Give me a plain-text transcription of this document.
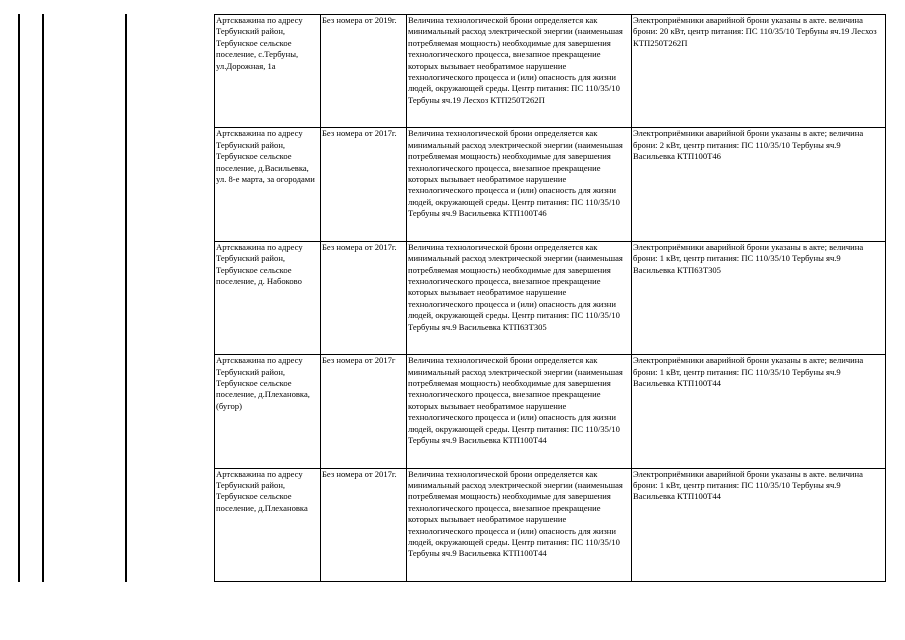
Артскважина по адресу Тербунский район, Тербунское сельское поселение, с.Тербуны, ул.Дорожная, 1а	Без номера от 2019г.	Величина технологической брони определяется как минимальный расход электрической энергии (наименьшая потребляемая мощность) необходимые для завершения технологического процесса, внезапное прекращение которых вызывает необратимое нарушение технологического процесса и (или) опасность для жизни людей, окружающей среды. Центр питания: ПС 110/35/10 Тербуны яч.19 Лесхоз КТП250Т262П	Электроприёмники аварийной брони указаны в акте. величина брони: 20 кВт, центр питания: ПС 110/35/10 Тербуны яч.19 Лесхоз КТП250Т262П
Артскважина по адресу Тербунский район, Тербунское сельское поселение, д.Васильевка, ул. 8-е марта, за огородами	Без номера от 2017г.	Величина технологической брони определяется как минимальный расход электрической энергии (наименьшая потребляемая мощность) необходимые для завершения технологического процесса, внезапное прекращение которых вызывает необратимое нарушение технологического процесса и (или) опасность для жизни людей, окружающей среды. Центр питания: ПС 110/35/10 Тербуны яч.9 Васильевка КТП100Т46	Электроприёмники аварийной брони указаны в акте; величина брони: 2 кВт, центр питания: ПС 110/35/10 Тербуны яч.9 Васильевка КТП100Т46
Артскважина по адресу Тербунский район, Тербунское сельское поселение, д. Набоково	Без номера от 2017г.	Величина технологической брони определяется как минимальный расход электрической энергии (наименьшая потребляемая мощность) необходимые для завершения технологического процесса, внезапное прекращение которых вызывает необратимое нарушение технологического процесса и (или) опасность для жизни людей, окружающей среды. Центр питания: ПС 110/35/10 Тербуны яч.9 Васильевка КТП63Т305	Электроприёмники аварийной брони указаны в акте; величина брони: 1 кВт, центр питания: ПС 110/35/10 Тербуны яч.9 Васильевка КТП63Т305
Артскважина по адресу Тербунский район, Тербунское сельское поселение, д.Плехановка, (бугор)	Без номера от 2017г	Величина технологической брони определяется как минимальный расход электрической энергии (наименьшая потребляемая мощность) необходимые для завершения технологического процесса, внезапное прекращение которых вызывает необратимое нарушение технологического процесса и (или) опасность для жизни людей, окружающей среды. Центр питания: ПС 110/35/10 Тербуны яч.9 Васильевка КТП100Т44	Электроприёмники аварийной брони указаны в акте; величина брони: 1 кВт, центр питания: ПС 110/35/10 Тербуны яч.9 Васильевка КТП100Т44
Артскважина по адресу Тербунский район, Тербунское сельское поселение, д.Плехановка	Без номера от 2017г.	Величина технологической брони определяется как минимальный расход электрической энергии (наименьшая потребляемая мощность) необходимые для завершения технологического процесса, внезапное прекращение которых вызывает необратимое нарушение технологического процесса и (или) опасность для жизни людей, окружающей среды. Центр питания: ПС 110/35/10 Тербуны яч.9 Васильевка КТП100Т44	Электроприёмники аварийной брони указаны в акте. величина брони: 1 кВт, центр питания: ПС 110/35/10 Тербуны яч.9 Васильевка КТП100Т44
